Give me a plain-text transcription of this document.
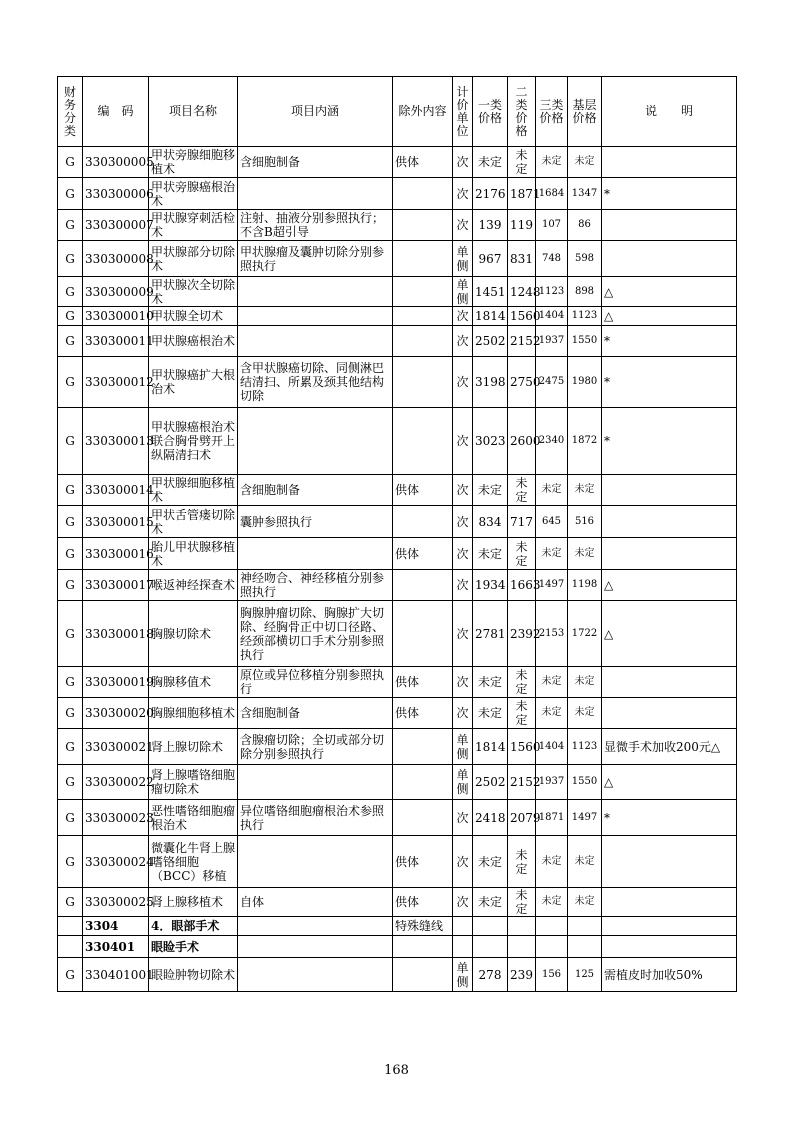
财务分类	编　码	项目名称	项目内涵	除外内容	计价单位	一类价格	二类价格	三类价格	基层价格	说　　明
G	330300005	甲状旁腺细胞移植术	含细胞制备	供体	次	未定	未定	未定	未定	
G	330300006	甲状旁腺癌根治术			次	2176	1871	1684	1347	*
G	330300007	甲状腺穿刺活检术	注射、抽液分别参照执行；不含B超引导		次	139	119	107	86	
G	330300008	甲状腺部分切除术	甲状腺瘤及囊肿切除分别参照执行		单侧	967	831	748	598	
G	330300009	甲状腺次全切除术			单侧	1451	1248	1123	898	△
G	330300010	甲状腺全切术			次	1814	1560	1404	1123	△
G	330300011	甲状腺癌根治术			次	2502	2152	1937	1550	*
G	330300012	甲状腺癌扩大根治术	含甲状腺癌切除、同侧淋巴结清扫、所累及颈其他结构切除		次	3198	2750	2475	1980	*
G	330300013	甲状腺癌根治术联合胸骨劈开上纵隔清扫术			次	3023	2600	2340	1872	*
G	330300014	甲状腺细胞移植术	含细胞制备	供体	次	未定	未定	未定	未定	
G	330300015	甲状舌管瘘切除术	囊肿参照执行		次	834	717	645	516	
G	330300016	胎儿甲状腺移植术		供体	次	未定	未定	未定	未定	
G	330300017	喉返神经探查术	神经吻合、神经移植分别参照执行		次	1934	1663	1497	1198	△
G	330300018	胸腺切除术	胸腺肿瘤切除、胸腺扩大切除、经胸骨正中切口径路、经颈部横切口手术分别参照执行		次	2781	2392	2153	1722	△
G	330300019	胸腺移值术	原位或异位移植分别参照执行	供体	次	未定	未定	未定	未定	
G	330300020	胸腺细胞移植术	含细胞制备	供体	次	未定	未定	未定	未定	
G	330300021	肾上腺切除术	含腺瘤切除；全切或部分切除分别参照执行		单侧	1814	1560	1404	1123	显微手术加收200元△
G	330300022	肾上腺嗜铬细胞瘤切除术			单侧	2502	2152	1937	1550	△
G	330300023	恶性嗜铬细胞瘤根治术	异位嗜铬细胞瘤根治术参照执行		次	2418	2079	1871	1497	*
G	330300024	微囊化牛肾上腺嗜铬细胞（BCC）移植		供体	次	未定	未定	未定	未定	
G	330300025	肾上腺移植术	自体	供体	次	未定	未定	未定	未定	
	3304	4．眼部手术		特殊缝线						
	330401	眼睑手术								
G	330401001	眼睑肿物切除术			单侧	278	239	156	125	需植皮时加收50%
168
